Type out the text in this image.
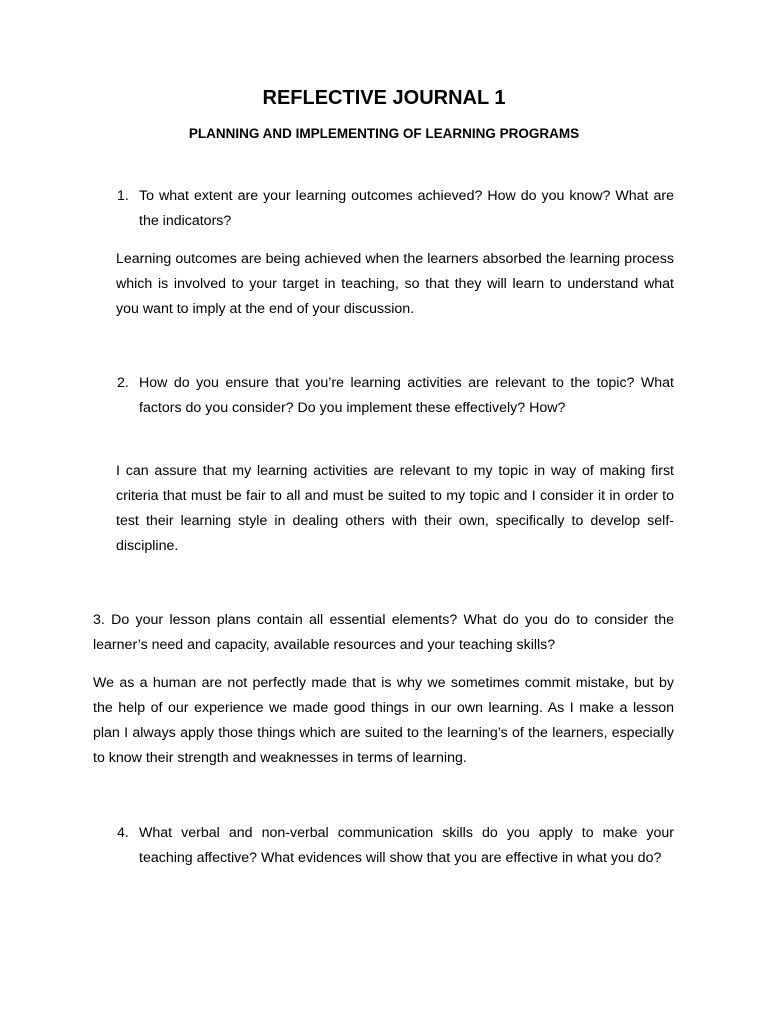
REFLECTIVE JOURNAL 1
PLANNING AND IMPLEMENTING OF LEARNING PROGRAMS
1. To what extent are your learning outcomes achieved? How do you know? What are the indicators?

Learning outcomes are being achieved when the learners absorbed the learning process which is involved to your target in teaching, so that they will learn to understand what you want to imply at the end of your discussion.

2. How do you ensure that you’re learning activities are relevant to the topic? What factors do you consider? Do you implement these effectively? How?

I can assure that my learning activities are relevant to my topic in way of making first criteria that must be fair to all and must be suited to my topic and I consider it in order to test their learning style in dealing others with their own, specifically to develop self-discipline.

3. Do your lesson plans contain all essential elements? What do you do to consider the learner’s need and capacity, available resources and your teaching skills?

We as a human are not perfectly made that is why we sometimes commit mistake, but by the help of our experience we made good things in our own learning. As I make a lesson plan I always apply those things which are suited to the learning’s of the learners, especially to know their strength and weaknesses in terms of learning.

4. What verbal and non-verbal communication skills do you apply to make your teaching affective? What evidences will show that you are effective in what you do?
